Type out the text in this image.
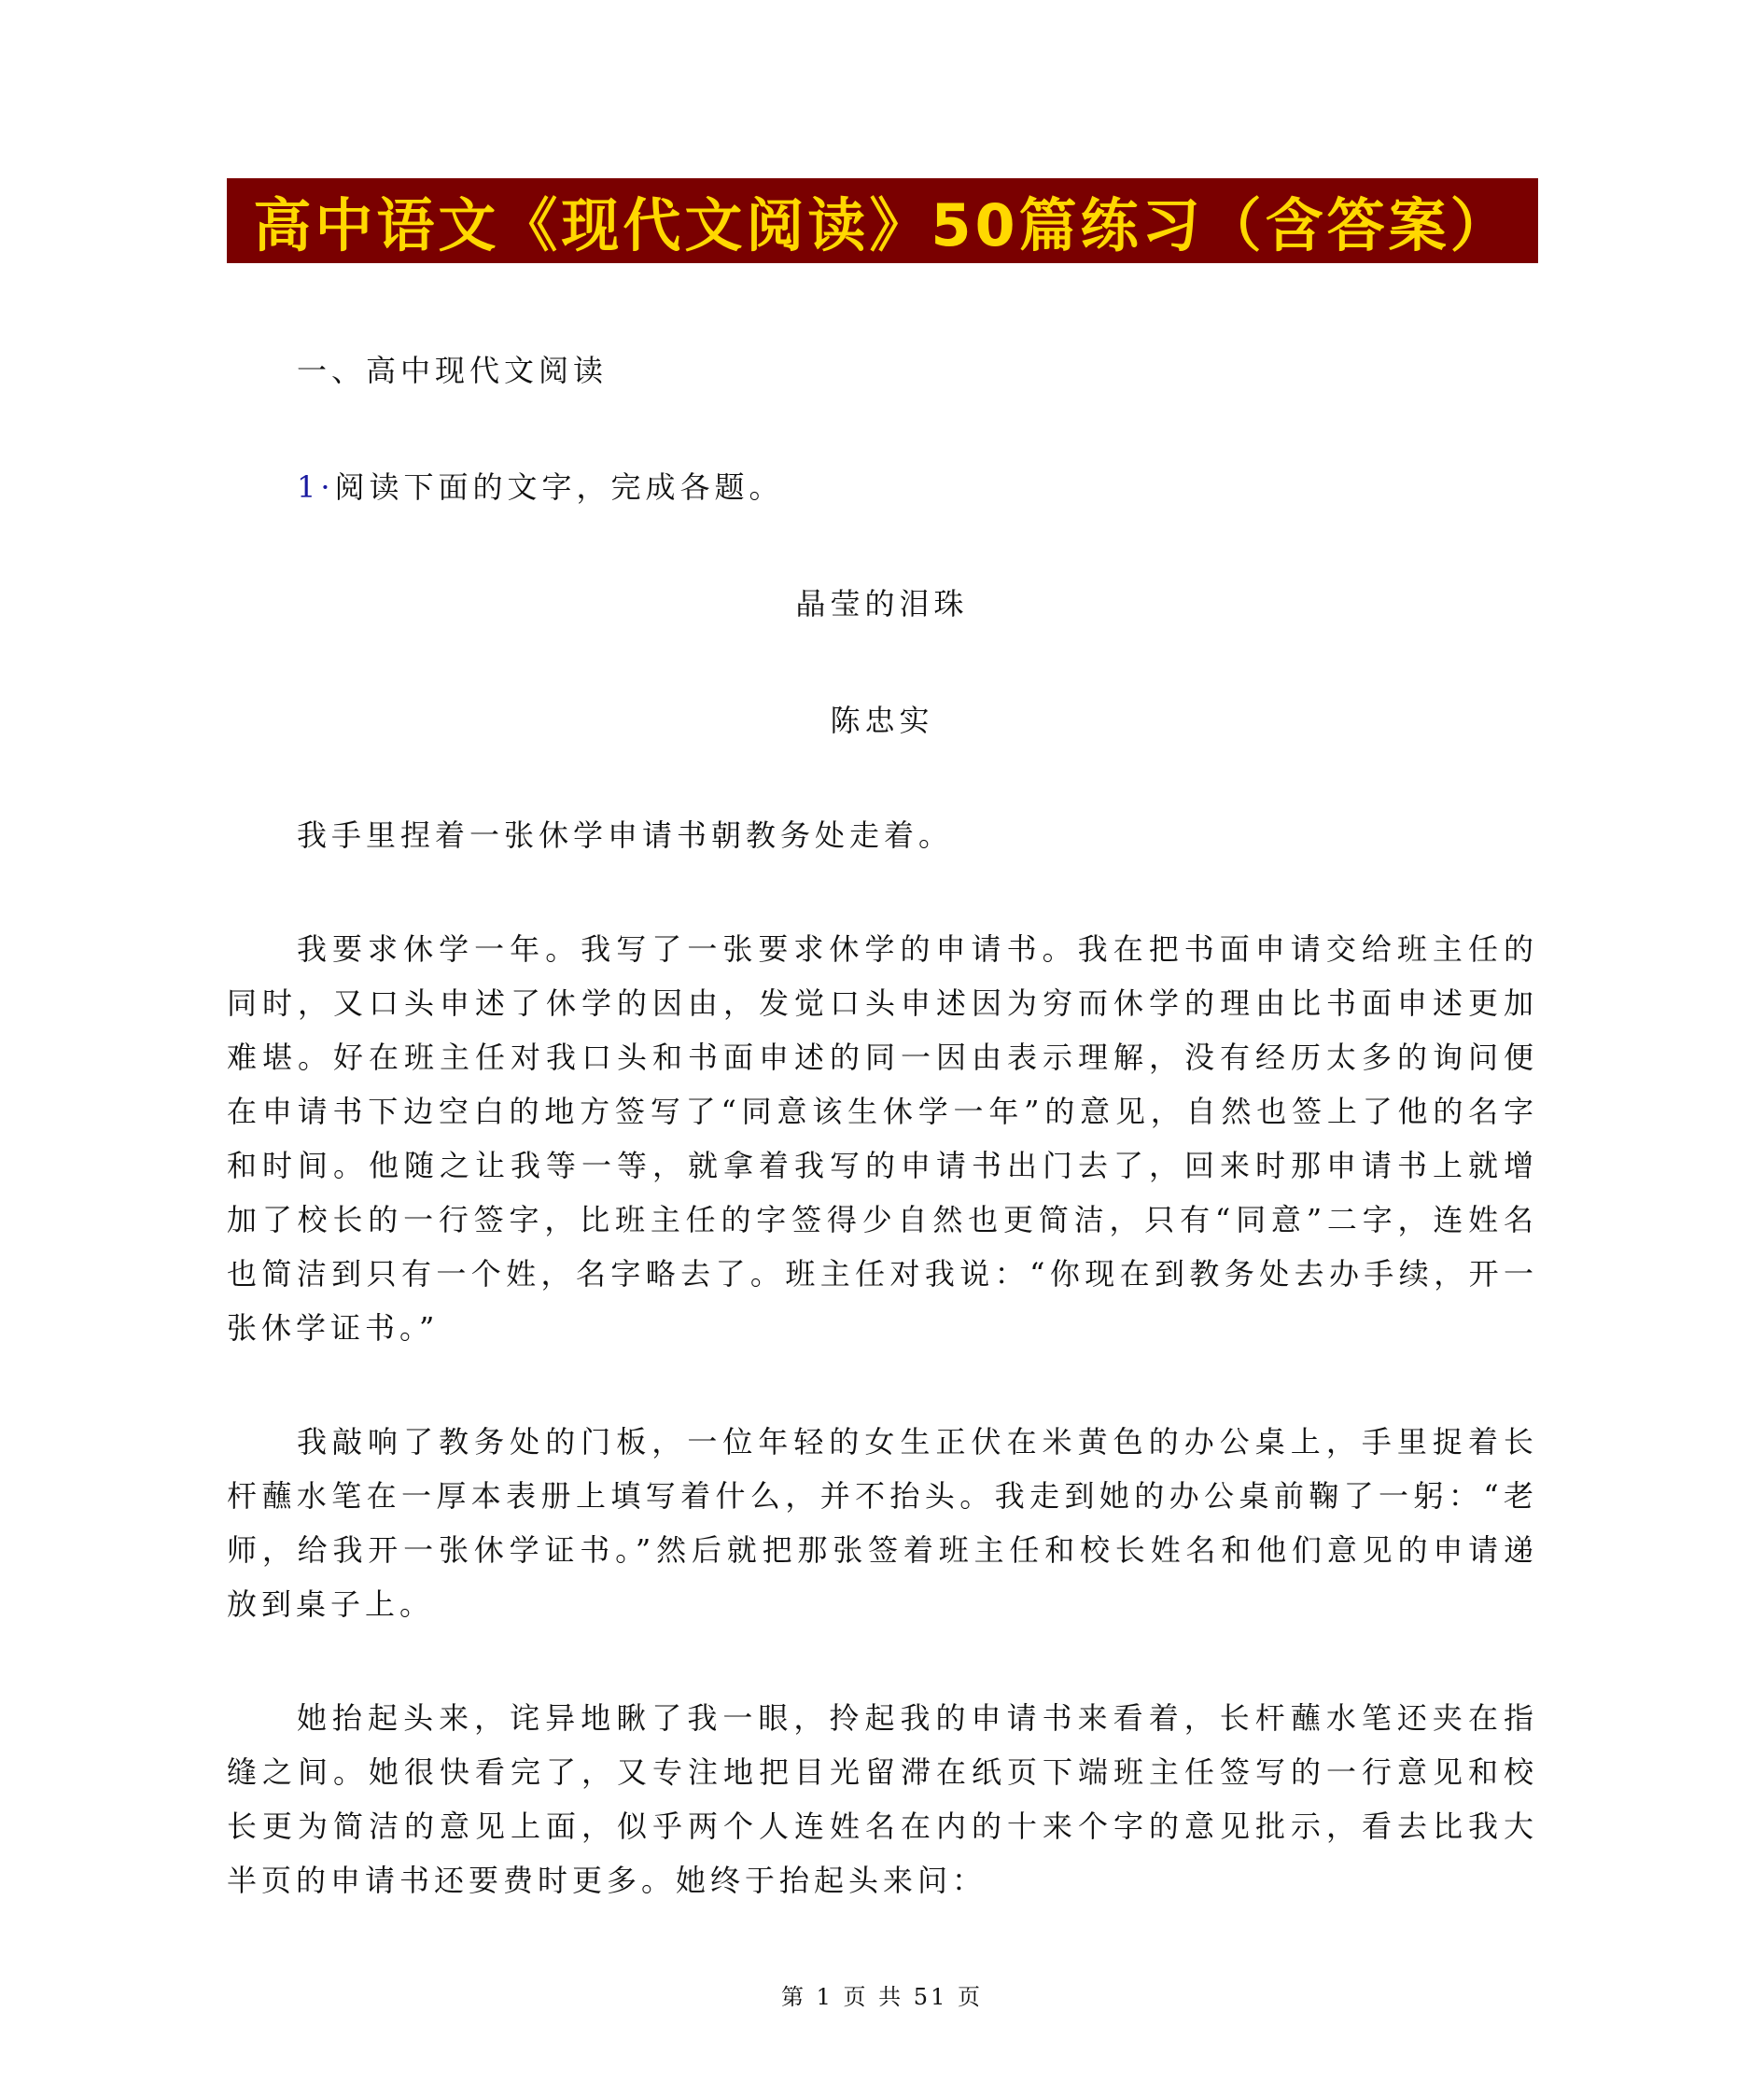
高中语文《现代文阅读》50篇练习（含答案）
一、高中现代文阅读
1·阅读下面的文字，完成各题。
晶莹的泪珠
陈忠实

我手里捏着一张休学申请书朝教务处走着。

我要求休学一年。我写了一张要求休学的申请书。我在把书面申请交给班主任的同时，又口头申述了休学的因由，发觉口头申述因为穷而休学的理由比书面申述更加难堪。好在班主任对我口头和书面申述的同一因由表示理解，没有经历太多的询问便在申请书下边空白的地方签写了“同意该生休学一年”的意见，自然也签上了他的名字和时间。他随之让我等一等，就拿着我写的申请书出门去了，回来时那申请书上就增加了校长的一行签字，比班主任的字签得少自然也更简洁，只有“同意”二字，连姓名也简洁到只有一个姓，名字略去了。班主任对我说：“你现在到教务处去办手续，开一张休学证书。”

我敲响了教务处的门板，一位年轻的女生正伏在米黄色的办公桌上，手里捉着长杆蘸水笔在一厚本表册上填写着什么，并不抬头。我走到她的办公桌前鞠了一躬：“老师，给我开一张休学证书。”然后就把那张签着班主任和校长姓名和他们意见的申请递放到桌子上。

她抬起头来，诧异地瞅了我一眼，拎起我的申请书来看着，长杆蘸水笔还夹在指缝之间。她很快看完了，又专注地把目光留滞在纸页下端班主任签写的一行意见和校长更为简洁的意见上面，似乎两个人连姓名在内的十来个字的意见批示，看去比我大半页的申请书还要费时更多。她终于抬起头来问：

第 1 页 共 51 页
